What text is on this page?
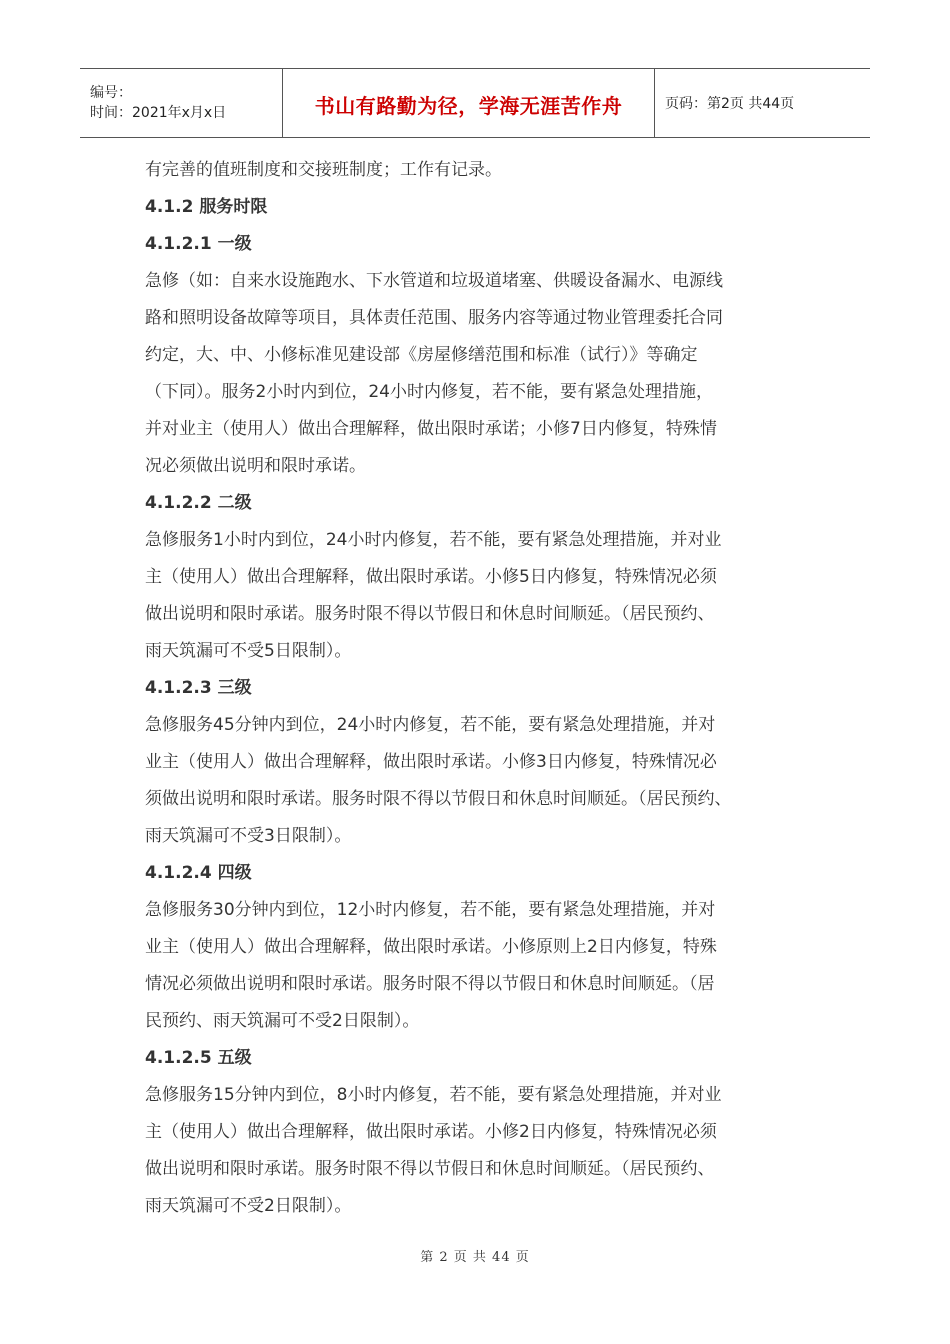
编号：
时间：2021年x月x日	书山有路勤为径，学海无涯苦作舟	页码：第2页 共44页

有完善的值班制度和交接班制度；工作有记录。

4.1.2 服务时限

4.1.2.1 一级

急修（如：自来水设施跑水、下水管道和垃圾道堵塞、供暖设备漏水、电源线

路和照明设备故障等项目，具体责任范围、服务内容等通过物业管理委托合同

约定，大、中、小修标准见建设部《房屋修缮范围和标准（试行）》等确定

（下同）。服务2小时内到位，24小时内修复，若不能，要有紧急处理措施，

并对业主（使用人）做出合理解释，做出限时承诺；小修7日内修复，特殊情

况必须做出说明和限时承诺。

4.1.2.2 二级

急修服务1小时内到位，24小时内修复，若不能，要有紧急处理措施，并对业

主（使用人）做出合理解释，做出限时承诺。小修5日内修复，特殊情况必须

做出说明和限时承诺。服务时限不得以节假日和休息时间顺延。（居民预约、

雨天筑漏可不受5日限制）。

4.1.2.3 三级

急修服务45分钟内到位，24小时内修复，若不能，要有紧急处理措施，并对

业主（使用人）做出合理解释，做出限时承诺。小修3日内修复，特殊情况必

须做出说明和限时承诺。服务时限不得以节假日和休息时间顺延。（居民预约、

雨天筑漏可不受3日限制）。

4.1.2.4 四级

急修服务30分钟内到位，12小时内修复，若不能，要有紧急处理措施，并对

业主（使用人）做出合理解释，做出限时承诺。小修原则上2日内修复，特殊

情况必须做出说明和限时承诺。服务时限不得以节假日和休息时间顺延。（居

民预约、雨天筑漏可不受2日限制）。

4.1.2.5 五级

急修服务15分钟内到位，8小时内修复，若不能，要有紧急处理措施，并对业

主（使用人）做出合理解释，做出限时承诺。小修2日内修复，特殊情况必须

做出说明和限时承诺。服务时限不得以节假日和休息时间顺延。（居民预约、

雨天筑漏可不受2日限制）。

第 2 页 共 44 页
